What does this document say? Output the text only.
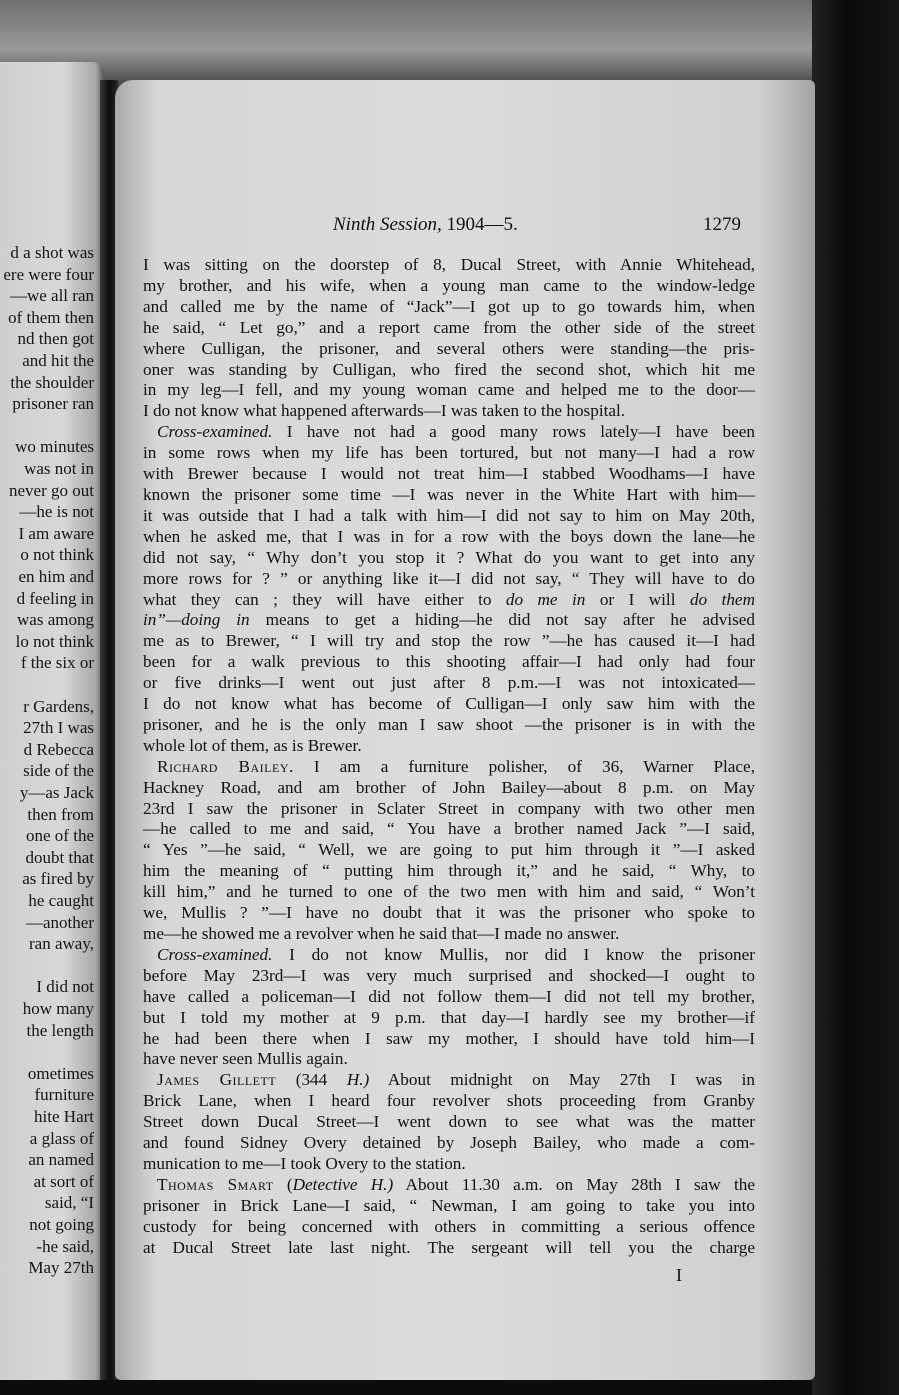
d a shot was
ere were four
—we all ran
of them then
nd then got
and hit the
the shoulder
prisoner ran
wo minutes
was not in
never go out
—he is not
I am aware
o not think
en him and
d feeling in
was among
lo not think
f the six or
r Gardens,
27th I was
d Rebecca
side of the
y—as Jack
then from
one of the
doubt that
as fired by
he caught
—another
ran away,
I did not
how many
the length
ometimes
furniture
hite Hart
a glass of
an named
at sort of
said, “I
not going
-he said,
May 27th
Ninth Session, 1904—5.	1279
I was sitting on the doorstep of 8, Ducal Street, with Annie Whitehead,
my brother, and his wife, when a young man came to the window-ledge
and called me by the name of “Jack”—I got up to go towards him, when
he said, “ Let go,” and a report came from the other side of the street
where Culligan, the prisoner, and several others were standing—the pris-
oner was standing by Culligan, who fired the second shot, which hit me
in my leg—I fell, and my young woman came and helped me to the door—
I do not know what happened afterwards—I was taken to the hospital.
Cross-examined. I have not had a good many rows lately—I have been
in some rows when my life has been tortured, but not many—I had a row
with Brewer because I would not treat him—I stabbed Woodhams—I have
known the prisoner some time —I was never in the White Hart with him—
it was outside that I had a talk with him—I did not say to him on May 20th,
when he asked me, that I was in for a row with the boys down the lane—he
did not say, “ Why don’t you stop it ? What do you want to get into any
more rows for ? ” or anything like it—I did not say, “ They will have to do
what they can ; they will have either to do me in or I will do them
in”—doing in means to get a hiding—he did not say after he advised
me as to Brewer, “ I will try and stop the row ”—he has caused it—I had
been for a walk previous to this shooting affair—I had only had four
or five drinks—I went out just after 8 p.m.—I was not intoxicated—
I do not know what has become of Culligan—I only saw him with the
prisoner, and he is the only man I saw shoot —the prisoner is in with the
whole lot of them, as is Brewer.
Richard Bailey. I am a furniture polisher, of 36, Warner Place,
Hackney Road, and am brother of John Bailey—about 8 p.m. on May
23rd I saw the prisoner in Sclater Street in company with two other men
—he called to me and said, “ You have a brother named Jack ”—I said,
“ Yes ”—he said, “ Well, we are going to put him through it ”—I asked
him the meaning of “ putting him through it,” and he said, “ Why, to
kill him,” and he turned to one of the two men with him and said, “ Won’t
we, Mullis ? ”—I have no doubt that it was the prisoner who spoke to
me—he showed me a revolver when he said that—I made no answer.
Cross-examined. I do not know Mullis, nor did I know the prisoner
before May 23rd—I was very much surprised and shocked—I ought to
have called a policeman—I did not follow them—I did not tell my brother,
but I told my mother at 9 p.m. that day—I hardly see my brother—if
he had been there when I saw my mother, I should have told him—I
have never seen Mullis again.
James Gillett (344 H.) About midnight on May 27th I was in
Brick Lane, when I heard four revolver shots proceeding from Granby
Street down Ducal Street—I went down to see what was the matter
and found Sidney Overy detained by Joseph Bailey, who made a com-
munication to me—I took Overy to the station.
Thomas Smart (Detective H.) About 11.30 a.m. on May 28th I saw the
prisoner in Brick Lane—I said, “ Newman, I am going to take you into
custody for being concerned with others in committing a serious offence
at Ducal Street late last night. The sergeant will tell you the charge
I
